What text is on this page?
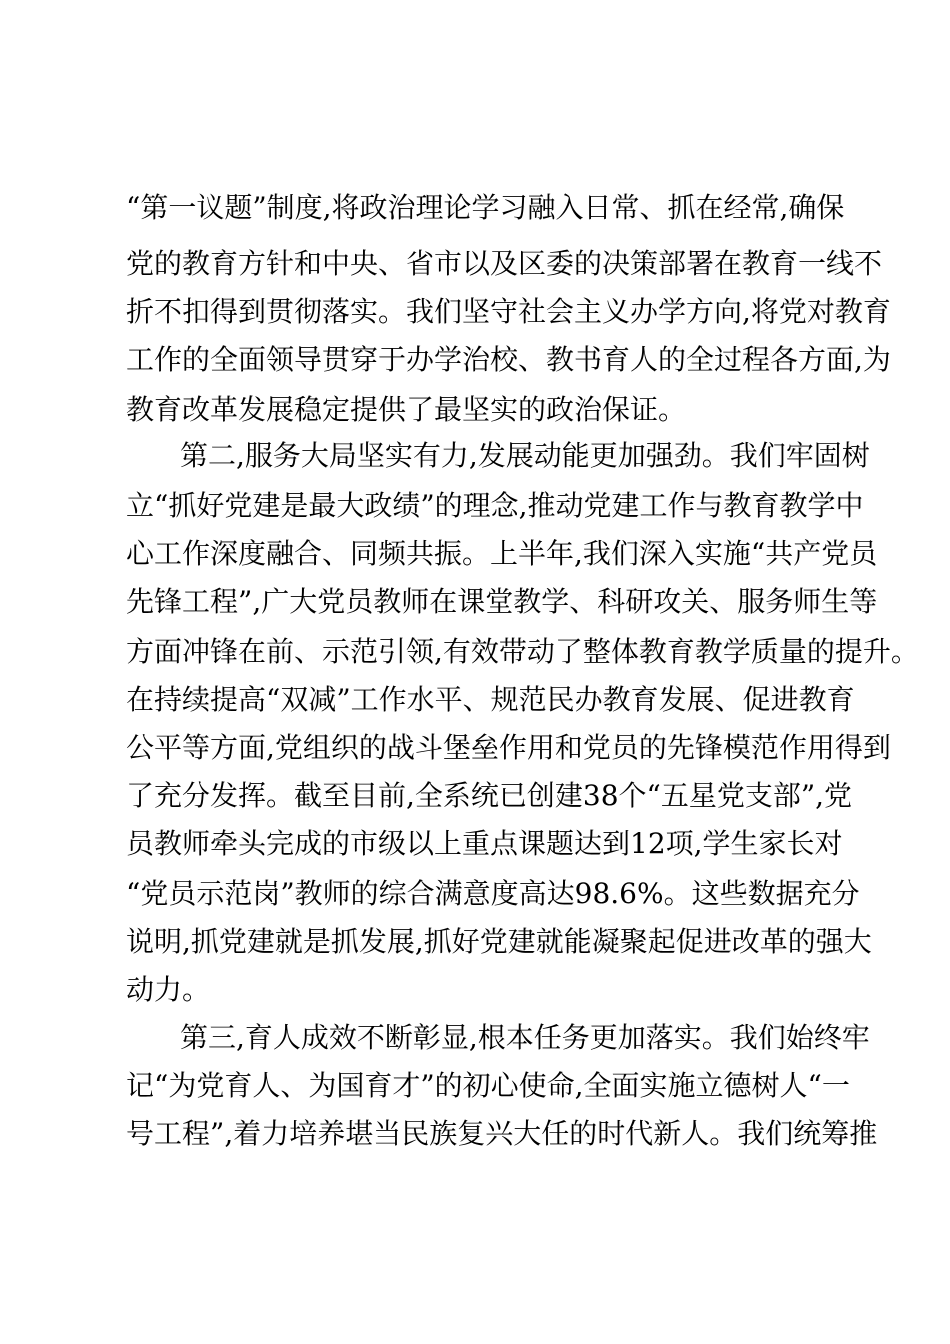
“第一议题”制度,将政治理论学习融入日常、抓在经常,确保
党的教育方针和中央、省市以及区委的决策部署在教育一线不
折不扣得到贯彻落实。我们坚守社会主义办学方向,将党对教育
工作的全面领导贯穿于办学治校、教书育人的全过程各方面,为
教育改革发展稳定提供了最坚实的政治保证。
第二,服务大局坚实有力,发展动能更加强劲。我们牢固树
立“抓好党建是最大政绩”的理念,推动党建工作与教育教学中
心工作深度融合、同频共振。上半年,我们深入实施“共产党员
先锋工程”,广大党员教师在课堂教学、科研攻关、服务师生等
方面冲锋在前、示范引领,有效带动了整体教育教学质量的提升。
在持续提高“双减”工作水平、规范民办教育发展、促进教育
公平等方面,党组织的战斗堡垒作用和党员的先锋模范作用得到
了充分发挥。截至目前,全系统已创建38个“五星党支部”,党
员教师牵头完成的市级以上重点课题达到12项,学生家长对
“党员示范岗”教师的综合满意度高达98.6%。这些数据充分
说明,抓党建就是抓发展,抓好党建就能凝聚起促进改革的强大
动力。
第三,育人成效不断彰显,根本任务更加落实。我们始终牢
记“为党育人、为国育才”的初心使命,全面实施立德树人“一
号工程”,着力培养堪当民族复兴大任的时代新人。我们统筹推
